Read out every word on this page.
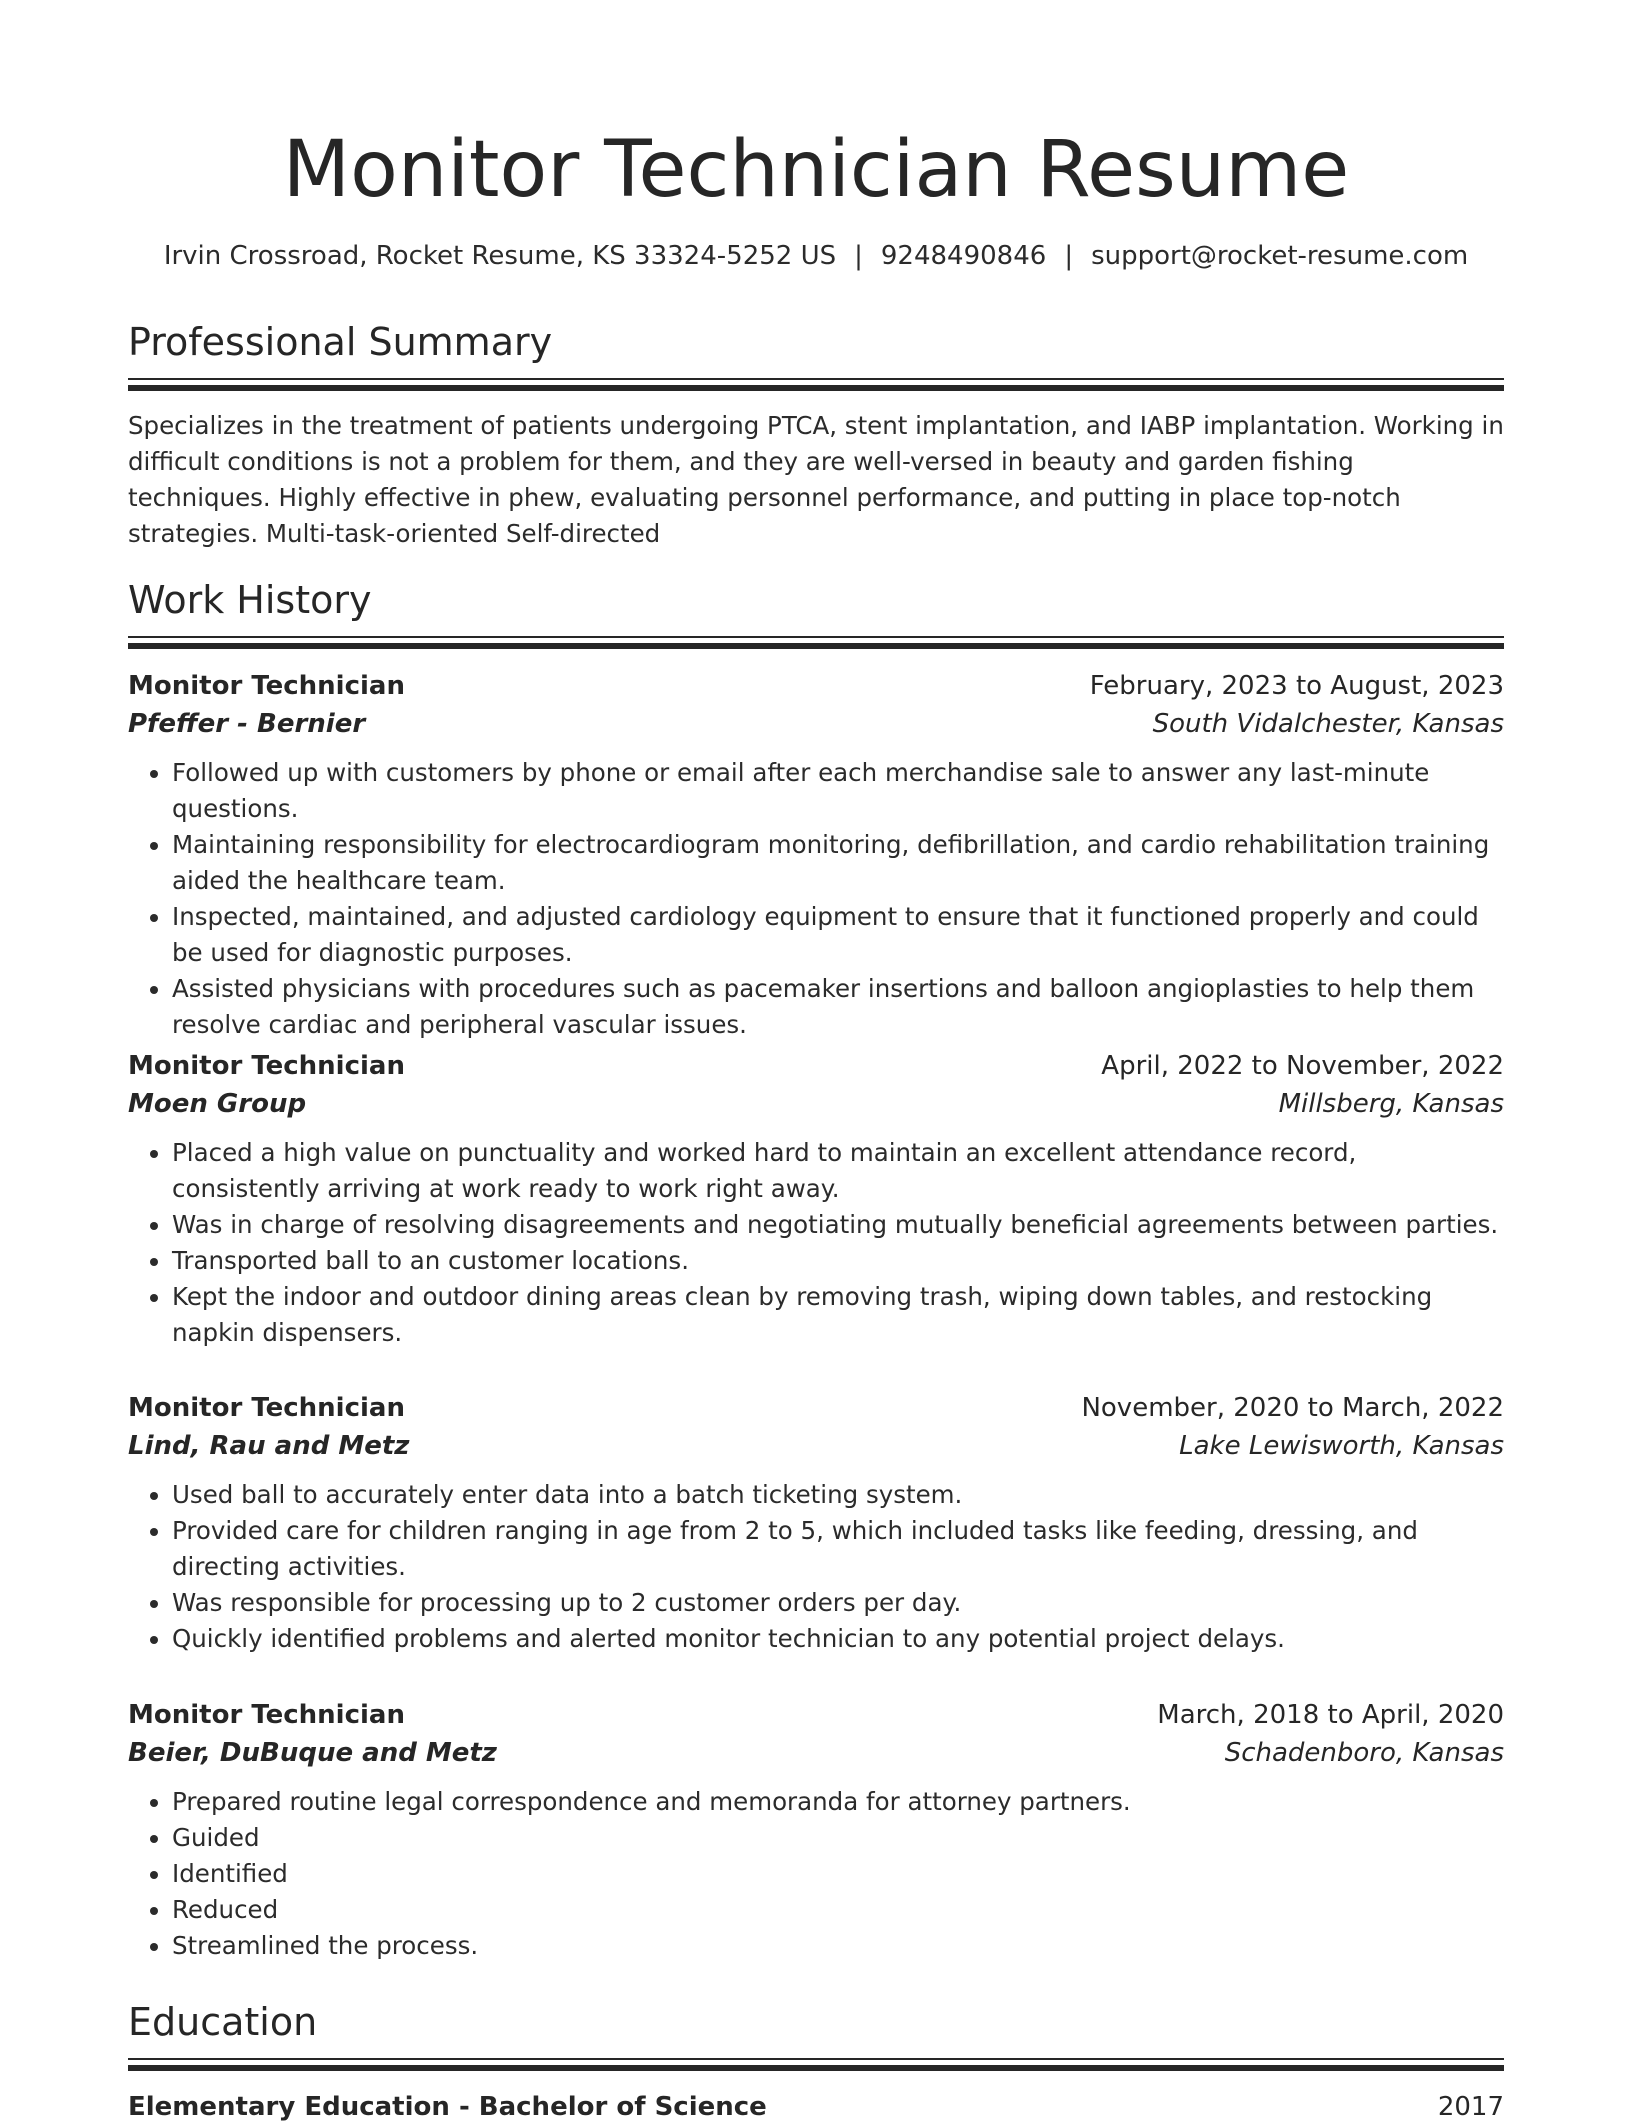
Monitor Technician Resume
Irvin Crossroad, Rocket Resume, KS 33324-5252 US | 9248490846 | support@rocket-resume.com
Professional Summary

Specializes in the treatment of patients undergoing PTCA, stent implantation, and IABP implantation. Working in difficult conditions is not a problem for them, and they are well-versed in beauty and garden fishing techniques. Highly effective in phew, evaluating personnel performance, and putting in place top-notch strategies. Multi-task-oriented Self-directed

Work History
Monitor Technician	February, 2023 to August, 2023
Pfeffer - Bernier	South Vidalchester, Kansas
• Followed up with customers by phone or email after each merchandise sale to answer any last-minute questions.
• Maintaining responsibility for electrocardiogram monitoring, defibrillation, and cardio rehabilitation training aided the healthcare team.
• Inspected, maintained, and adjusted cardiology equipment to ensure that it functioned properly and could be used for diagnostic purposes.
• Assisted physicians with procedures such as pacemaker insertions and balloon angioplasties to help them resolve cardiac and peripheral vascular issues.
Monitor Technician	April, 2022 to November, 2022
Moen Group	Millsberg, Kansas
• Placed a high value on punctuality and worked hard to maintain an excellent attendance record, consistently arriving at work ready to work right away.
• Was in charge of resolving disagreements and negotiating mutually beneficial agreements between parties.
• Transported ball to an customer locations.
• Kept the indoor and outdoor dining areas clean by removing trash, wiping down tables, and restocking napkin dispensers.
Monitor Technician	November, 2020 to March, 2022
Lind, Rau and Metz	Lake Lewisworth, Kansas
• Used ball to accurately enter data into a batch ticketing system.
• Provided care for children ranging in age from 2 to 5, which included tasks like feeding, dressing, and directing activities.
• Was responsible for processing up to 2 customer orders per day.
• Quickly identified problems and alerted monitor technician to any potential project delays.
Monitor Technician	March, 2018 to April, 2020
Beier, DuBuque and Metz	Schadenboro, Kansas
• Prepared routine legal correspondence and memoranda for attorney partners.
• Guided
• Identified
• Reduced
• Streamlined the process.
Education
Elementary Education - Bachelor of Science	2017
